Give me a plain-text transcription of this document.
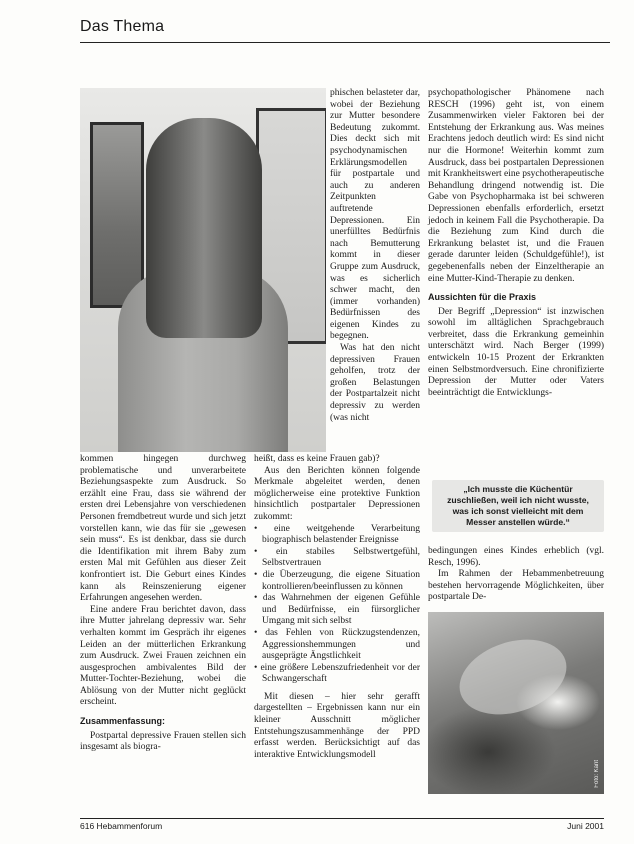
Das Thema

phischen belasteter dar, wobei der Beziehung zur Mutter besondere Bedeutung zukommt. Dies deckt sich mit psychodynamischen Erklärungsmodellen für postpartale und auch zu anderen Zeitpunkten auftretende Depressionen. Ein unerfülltes Bedürfnis nach Bemutterung kommt in dieser Gruppe zum Ausdruck, was es sicherlich schwer macht, den (immer vorhanden) Bedürfnissen des eigenen Kindes zu begegnen.

Was hat den nicht depressiven Frauen geholfen, trotz der großen Belastungen der Postpartalzeit nicht depressiv zu werden (was nicht

kommen hingegen durchweg problematische und unverarbeitete Beziehungsaspekte zum Ausdruck. So erzählt eine Frau, dass sie während der ersten drei Lebensjahre von verschiedenen Personen fremdbetreut wurde und sich jetzt vorstellen kann, wie das für sie „gewesen sein muss“. Es ist denkbar, dass sie durch die Identifikation mit ihrem Baby zum ersten Mal mit Gefühlen aus dieser Zeit konfrontiert ist. Die Geburt eines Kindes kann als Reinszenierung eigener Erfahrungen angesehen werden.

Eine andere Frau berichtet davon, dass ihre Mutter jahrelang depressiv war. Sehr verhalten kommt im Gespräch ihr eigenes Leiden an der mütterlichen Erkrankung zum Ausdruck. Zwei Frauen zeichnen ein ausgesprochen ambivalentes Bild der Mutter-Tochter-Beziehung, wobei die Ablösung von der Mutter nicht geglückt erscheint.

Zusammenfassung:

Postpartal depressive Frauen stellen sich insgesamt als biogra-

heißt, dass es keine Frauen gab)?

Aus den Berichten können folgende Merkmale abgeleitet werden, denen möglicherweise eine protektive Funktion hinsichtlich postpartaler Depressionen zukommt:

• eine weitgehende Verarbeitung biographisch belastender Ereignisse
• ein stabiles Selbstwertgefühl, Selbstvertrauen
• die Überzeugung, die eigene Situation kontrollieren/beeinflussen zu können
• das Wahrnehmen der eigenen Gefühle und Bedürfnisse, ein fürsorglicher Umgang mit sich selbst
• das Fehlen von Rückzugstendenzen, Aggressionshemmungen und ausgeprägte Ängstlichkeit
• eine größere Lebenszufriedenheit vor der Schwangerschaft

Mit diesen – hier sehr gerafft dargestellten – Ergebnissen kann nur ein kleiner Ausschnitt möglicher Entstehungszusammenhänge der PPD erfasst werden. Berücksichtigt auf das interaktive Entwicklungsmodell

psychopathologischer Phänomene nach RESCH (1996) geht ist, von einem Zusammenwirken vieler Faktoren bei der Entstehung der Erkrankung aus. Was meines Erachtens jedoch deutlich wird: Es sind nicht nur die Hormone! Weiterhin kommt zum Ausdruck, dass bei postpartalen Depressionen mit Krankheitswert eine psychotherapeutische Behandlung dringend notwendig ist. Die Gabe von Psychopharmaka ist bei schweren Depressionen ebenfalls erforderlich, ersetzt jedoch in keinem Fall die Psychotherapie. Da die Beziehung zum Kind durch die Erkrankung belastet ist, und die Frauen gerade darunter leiden (Schuldgefühle!), ist gegebenenfalls neben der Einzeltherapie an eine Mutter-Kind-Therapie zu denken.

Aussichten für die Praxis

Der Begriff „Depression“ ist inzwischen sowohl im alltäglichen Sprachgebrauch verbreitet, dass die Erkrankung gemeinhin unterschätzt wird. Nach Berger (1999) entwickeln 10-15 Prozent der Erkrankten einen Selbstmordversuch. Eine chronifizierte Depression der Mutter oder Vaters beeinträchtigt die Entwicklungs-

„Ich musste die Küchentür zuschließen, weil ich nicht wusste, was ich sonst vielleicht mit dem Messer anstellen würde.“

bedingungen eines Kindes erheblich (vgl. Resch, 1996).

Im Rahmen der Hebammenbetreuung bestehen hervorragende Möglichkeiten, über postpartale De-

Foto: Kant
616 Hebammenforum	Juni 2001
